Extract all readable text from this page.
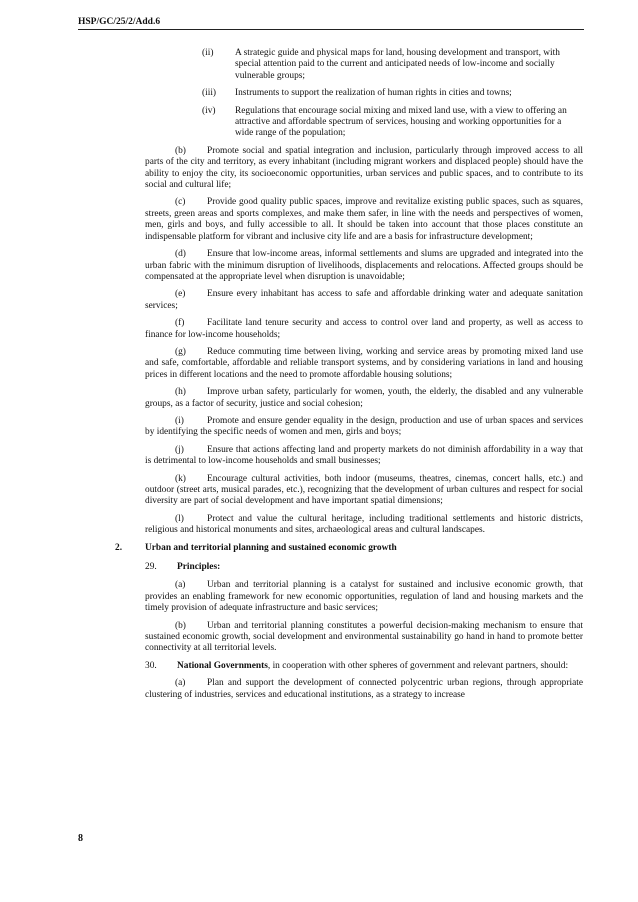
HSP/GC/25/2/Add.6
(ii) A strategic guide and physical maps for land, housing development and transport, with special attention paid to the current and anticipated needs of low-income and socially vulnerable groups;
(iii) Instruments to support the realization of human rights in cities and towns;
(iv) Regulations that encourage social mixing and mixed land use, with a view to offering an attractive and affordable spectrum of services, housing and working opportunities for a wide range of the population;

(b) Promote social and spatial integration and inclusion, particularly through improved access to all parts of the city and territory, as every inhabitant (including migrant workers and displaced people) should have the ability to enjoy the city, its socioeconomic opportunities, urban services and public spaces, and to contribute to its social and cultural life;

(c) Provide good quality public spaces, improve and revitalize existing public spaces, such as squares, streets, green areas and sports complexes, and make them safer, in line with the needs and perspectives of women, men, girls and boys, and fully accessible to all. It should be taken into account that those places constitute an indispensable platform for vibrant and inclusive city life and are a basis for infrastructure development;

(d) Ensure that low-income areas, informal settlements and slums are upgraded and integrated into the urban fabric with the minimum disruption of livelihoods, displacements and relocations. Affected groups should be compensated at the appropriate level when disruption is unavoidable;

(e) Ensure every inhabitant has access to safe and affordable drinking water and adequate sanitation services;

(f) Facilitate land tenure security and access to control over land and property, as well as access to finance for low-income households;

(g) Reduce commuting time between living, working and service areas by promoting mixed land use and safe, comfortable, affordable and reliable transport systems, and by considering variations in land and housing prices in different locations and the need to promote affordable housing solutions;

(h) Improve urban safety, particularly for women, youth, the elderly, the disabled and any vulnerable groups, as a factor of security, justice and social cohesion;

(i) Promote and ensure gender equality in the design, production and use of urban spaces and services by identifying the specific needs of women and men, girls and boys;

(j) Ensure that actions affecting land and property markets do not diminish affordability in a way that is detrimental to low-income households and small businesses;

(k) Encourage cultural activities, both indoor (museums, theatres, cinemas, concert halls, etc.) and outdoor (street arts, musical parades, etc.), recognizing that the development of urban cultures and respect for social diversity are part of social development and have important spatial dimensions;

(l) Protect and value the cultural heritage, including traditional settlements and historic districts, religious and historical monuments and sites, archaeological areas and cultural landscapes.

2. Urban and territorial planning and sustained economic growth

29. Principles:

(a) Urban and territorial planning is a catalyst for sustained and inclusive economic growth, that provides an enabling framework for new economic opportunities, regulation of land and housing markets and the timely provision of adequate infrastructure and basic services;

(b) Urban and territorial planning constitutes a powerful decision-making mechanism to ensure that sustained economic growth, social development and environmental sustainability go hand in hand to promote better connectivity at all territorial levels.

30. National Governments, in cooperation with other spheres of government and relevant partners, should:

(a) Plan and support the development of connected polycentric urban regions, through appropriate clustering of industries, services and educational institutions, as a strategy to increase

8
